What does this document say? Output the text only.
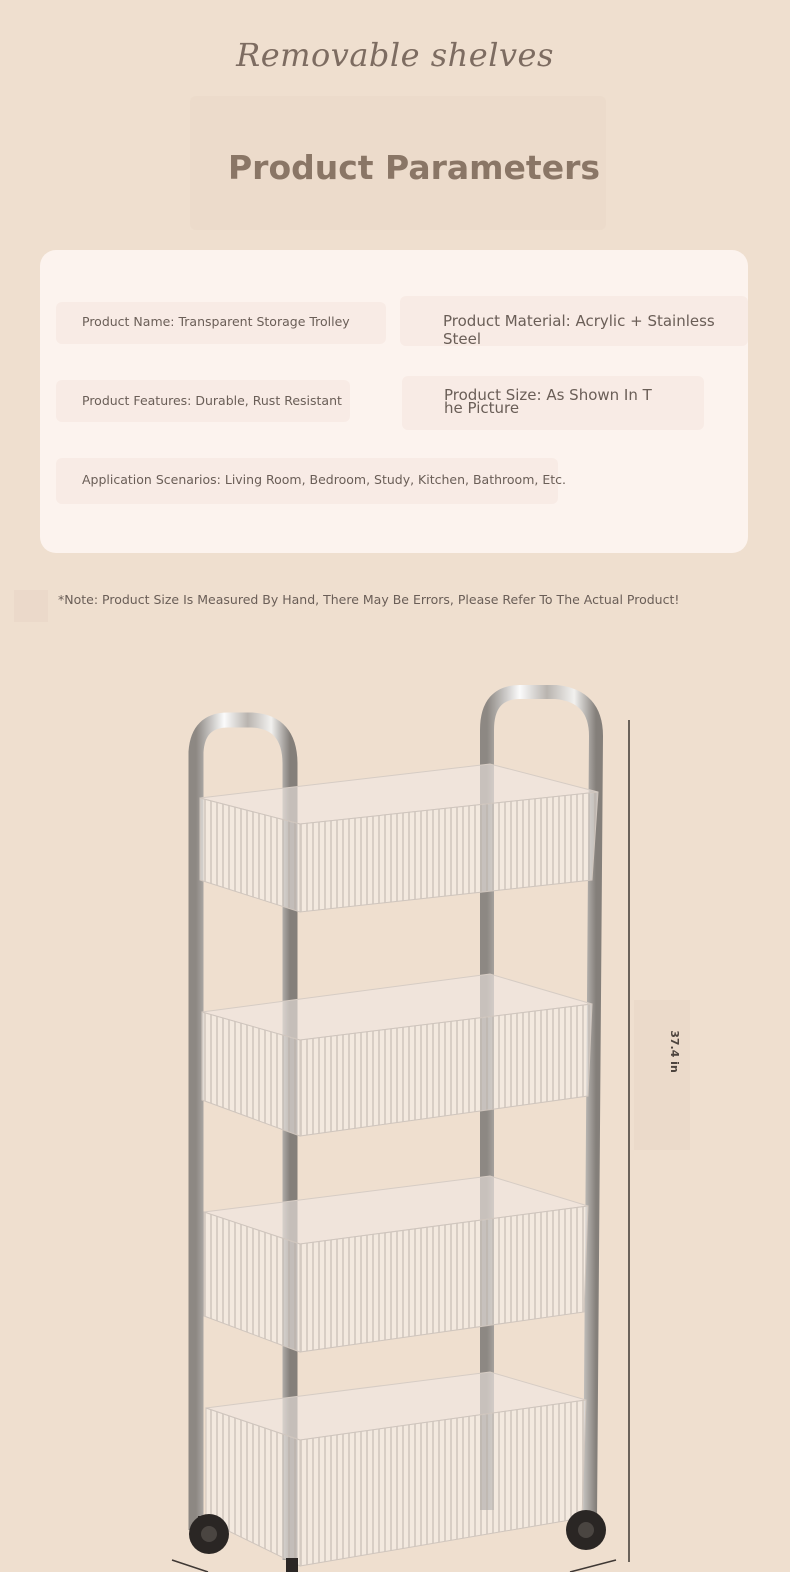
Removable shelves
Product Parameters
Product Name: Transparent Storage Trolley	Product Material: Acrylic + Stainless Steel
Product Features: Durable, Rust Resistant	Product Size: As Shown In T
he Picture
Application Scenarios: Living Room, Bedroom, Study, Kitchen, Bathroom, Etc.
*Note: Product Size Is Measured By Hand, There May Be Errors, Please Refer To The Actual Product!
37.4 in
